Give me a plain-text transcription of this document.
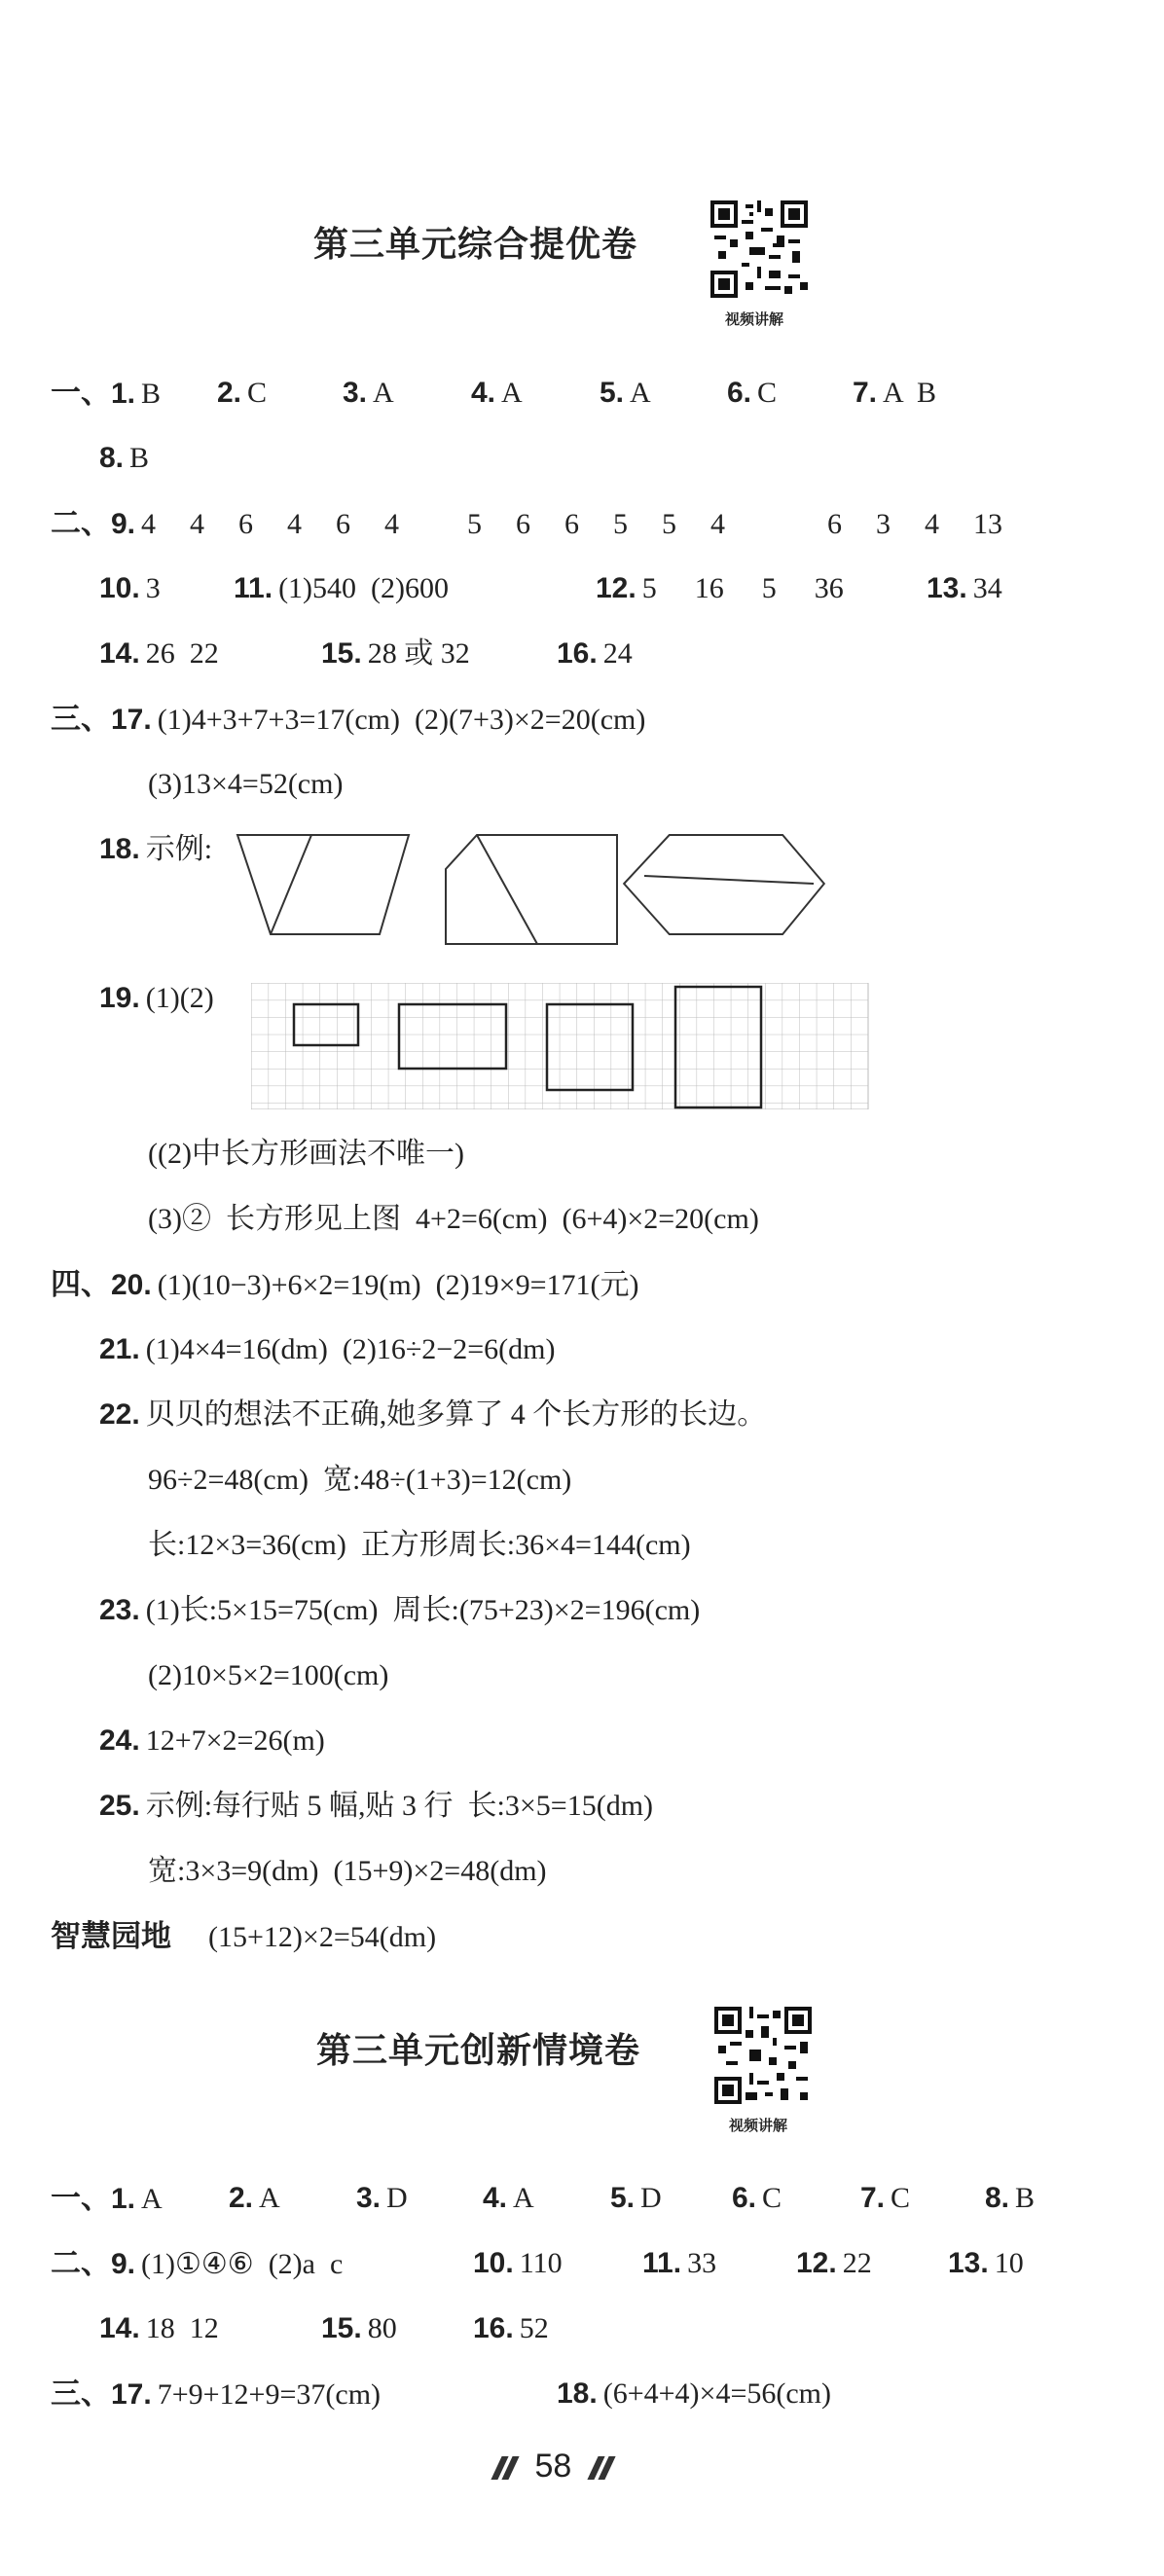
第三单元综合提优卷
视频讲解
一、1. B 2. C	3. A	4. A	5. A	6. C	7. A  B
8. B
二、9. 4  4  6  4  6  4    5  6  6  5  5  4      6  3  4  13
10. 3	11. (1)540  (2)600	12. 5  16  5  36	13. 34
14. 26  22	15. 28 或 32	16. 24
三、17. (1)4+3+7+3=17(cm)  (2)(7+3)×2=20(cm)
(3)13×4=52(cm)
18. 示例:
19. (1)(2)
((2)中长方形画法不唯一)
(3)②  长方形见上图  4+2=6(cm)  (6+4)×2=20(cm)
四、20. (1)(10−3)+6×2=19(m)  (2)19×9=171(元)
21. (1)4×4=16(dm)  (2)16÷2−2=6(dm)
22. 贝贝的想法不正确,她多算了 4 个长方形的长边。
96÷2=48(cm)  宽:48÷(1+3)=12(cm)
长:12×3=36(cm)  正方形周长:36×4=144(cm)
23. (1)长:5×15=75(cm)  周长:(75+23)×2=196(cm)
(2)10×5×2=100(cm)
24. 12+7×2=26(m)
25. 示例:每行贴 5 幅,贴 3 行  长:3×5=15(dm)
宽:3×3=9(dm)  (15+9)×2=48(dm)
智慧园地 (15+12)×2=54(dm)
第三单元创新情境卷
视频讲解
一、1. A 2. A	3. D	4. A	5. D 6. C	7. C	8. B
二、9. (1)①④⑥  (2)a  c	10. 110	11. 33	12. 22	13. 10
14. 18  12	15. 80	16. 52
三、17. 7+9+12+9=37(cm)	18. (6+4+4)×4=56(cm)
58
